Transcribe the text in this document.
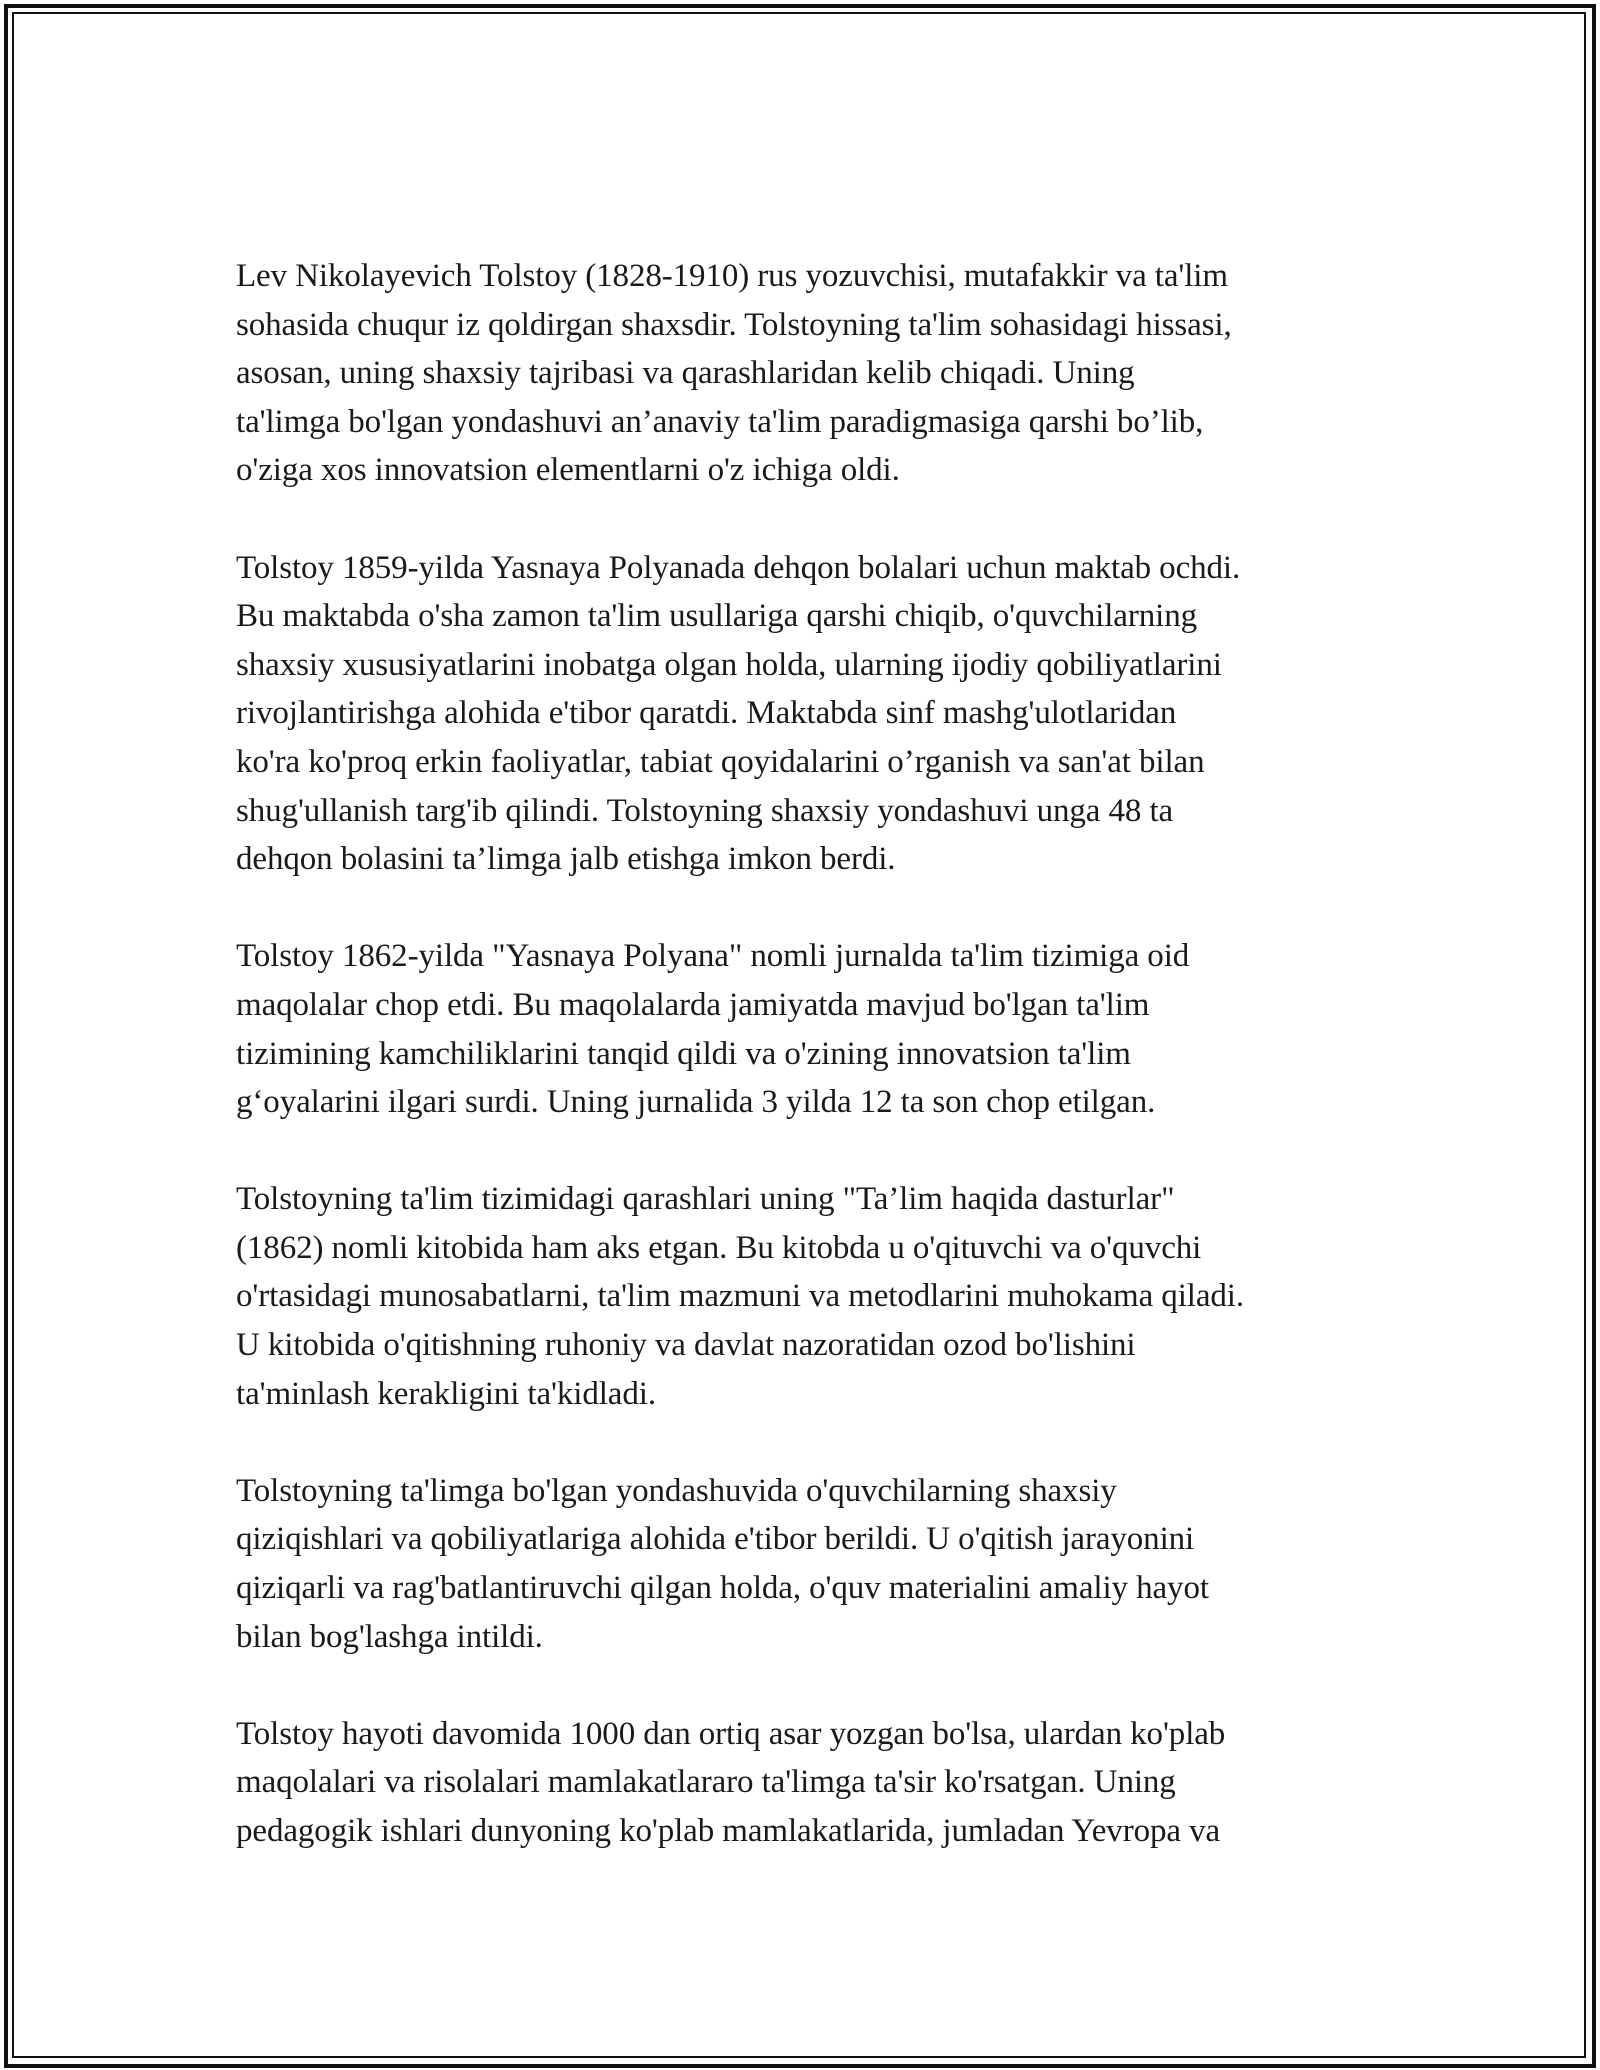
Lev Nikolayevich Tolstoy (1828-1910) rus yozuvchisi, mutafakkir va ta'lim
sohasida chuqur iz qoldirgan shaxsdir. Tolstoyning ta'lim sohasidagi hissasi,
asosan, uning shaxsiy tajribasi va qarashlaridan kelib chiqadi. Uning
ta'limga bo'lgan yondashuvi an’anaviy ta'lim paradigmasiga qarshi bo’lib,
o'ziga xos innovatsion elementlarni o'z ichiga oldi.

Tolstoy 1859-yilda Yasnaya Polyanada dehqon bolalari uchun maktab ochdi.
Bu maktabda o'sha zamon ta'lim usullariga qarshi chiqib, o'quvchilarning
shaxsiy xususiyatlarini inobatga olgan holda, ularning ijodiy qobiliyatlarini
rivojlantirishga alohida e'tibor qaratdi. Maktabda sinf mashg'ulotlaridan
ko'ra ko'proq erkin faoliyatlar, tabiat qoyidalarini o’rganish va san'at bilan
shug'ullanish targ'ib qilindi. Tolstoyning shaxsiy yondashuvi unga 48 ta
dehqon bolasini ta’limga jalb etishga imkon berdi.

Tolstoy 1862-yilda "Yasnaya Polyana" nomli jurnalda ta'lim tizimiga oid
maqolalar chop etdi. Bu maqolalarda jamiyatda mavjud bo'lgan ta'lim
tizimining kamchiliklarini tanqid qildi va o'zining innovatsion ta'lim
g‘oyalarini ilgari surdi. Uning jurnalida 3 yilda 12 ta son chop etilgan.

Tolstoyning ta'lim tizimidagi qarashlari uning "Ta’lim haqida dasturlar"
(1862) nomli kitobida ham aks etgan. Bu kitobda u o'qituvchi va o'quvchi
o'rtasidagi munosabatlarni, ta'lim mazmuni va metodlarini muhokama qiladi.
U kitobida o'qitishning ruhoniy va davlat nazoratidan ozod bo'lishini
ta'minlash kerakligini ta'kidladi.

Tolstoyning ta'limga bo'lgan yondashuvida o'quvchilarning shaxsiy
qiziqishlari va qobiliyatlariga alohida e'tibor berildi. U o'qitish jarayonini
qiziqarli va rag'batlantiruvchi qilgan holda, o'quv materialini amaliy hayot
bilan bog'lashga intildi.

Tolstoy hayoti davomida 1000 dan ortiq asar yozgan bo'lsa, ulardan ko'plab
maqolalari va risolalari mamlakatlararo ta'limga ta'sir ko'rsatgan. Uning
pedagogik ishlari dunyoning ko'plab mamlakatlarida, jumladan Yevropa va
